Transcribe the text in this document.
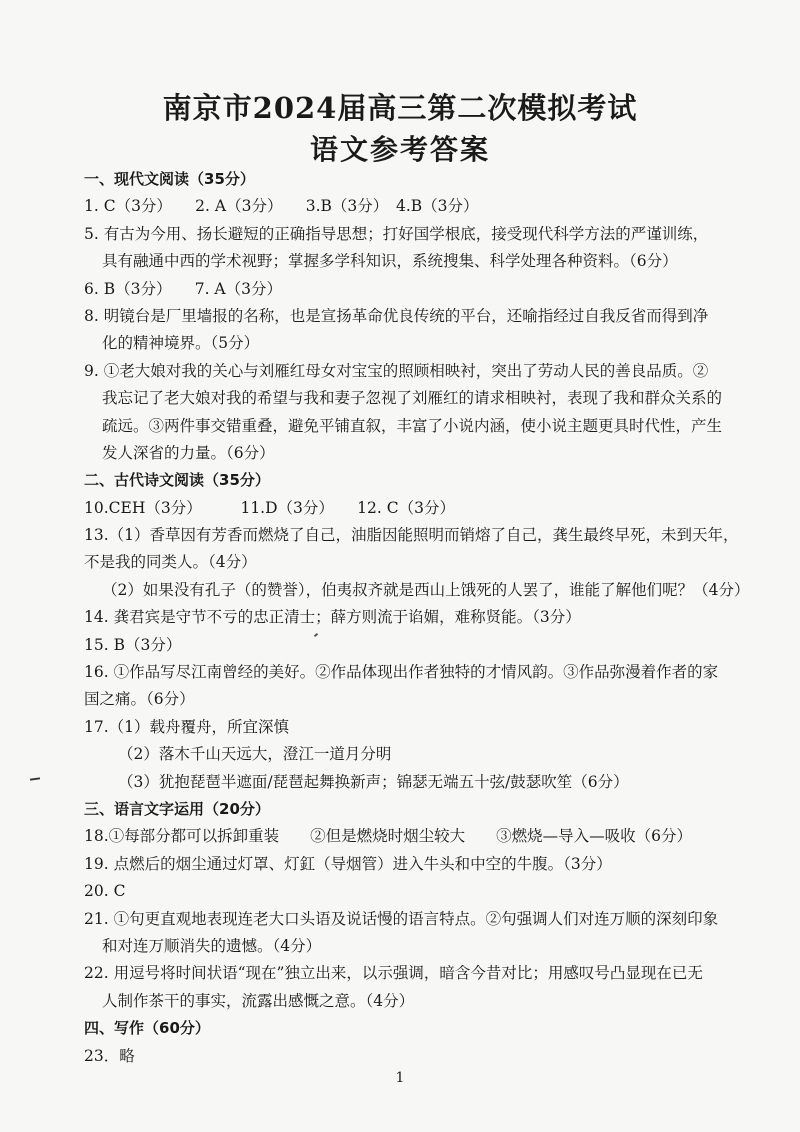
南京市2024届高三第二次模拟考试
语文参考答案
一、现代文阅读（35分）
1. C（3分）　　2. A（3分）　　3.B（3分）　4.B（3分）
5. 有古为今用、扬长避短的正确指导思想；打好国学根底，接受现代科学方法的严谨训练，
具有融通中西的学术视野；掌握多学科知识，系统搜集、科学处理各种资料。（6分）
6. B（3分）　　7. A（3分）
8. 明镜台是厂里墙报的名称，也是宣扬革命优良传统的平台，还喻指经过自我反省而得到净
化的精神境界。（5分）
9. ①老大娘对我的关心与刘雁红母女对宝宝的照顾相映衬，突出了劳动人民的善良品质。②
我忘记了老大娘对我的希望与我和妻子忽视了刘雁红的请求相映衬，表现了我和群众关系的
疏远。③两件事交错重叠，避免平铺直叙，丰富了小说内涵，使小说主题更具时代性，产生
发人深省的力量。（6分）
二、古代诗文阅读（35分）
10.CEH（3分）　　　11.D（3分）　　12. C（3分）
13.（1）香草因有芳香而燃烧了自己，油脂因能照明而销熔了自己，龚生最终早死，未到天年，
不是我的同类人。（4分）
（2）如果没有孔子（的赞誉），伯夷叔齐就是西山上饿死的人罢了，谁能了解他们呢？（4分）
14. 龚君宾是守节不亏的忠正清士；薛方则流于谄媚，难称贤能。（3分）
15. B（3分）
16. ①作品写尽江南曾经的美好。②作品体现出作者独特的才情风韵。③作品弥漫着作者的家
国之痛。（6分）
17.（1）载舟覆舟，所宜深慎
（2）落木千山天远大，澄江一道月分明
（3）犹抱琵琶半遮面/琵琶起舞换新声；锦瑟无端五十弦/鼓瑟吹笙（6分）
三、语言文字运用（20分）
18.①每部分都可以拆卸重装　　②但是燃烧时烟尘较大　　③燃烧—导入—吸收（6分）
19. 点燃后的烟尘通过灯罩、灯釭（导烟管）进入牛头和中空的牛腹。（3分）
20. C
21. ①句更直观地表现连老大口头语及说话慢的语言特点。②句强调人们对连万顺的深刻印象
和对连万顺消失的遗憾。（4分）
22. 用逗号将时间状语“现在”独立出来，以示强调，暗含今昔对比；用感叹号凸显现在已无
人制作茶干的事实，流露出感慨之意。（4分）
四、写作（60分）
23．略
1
